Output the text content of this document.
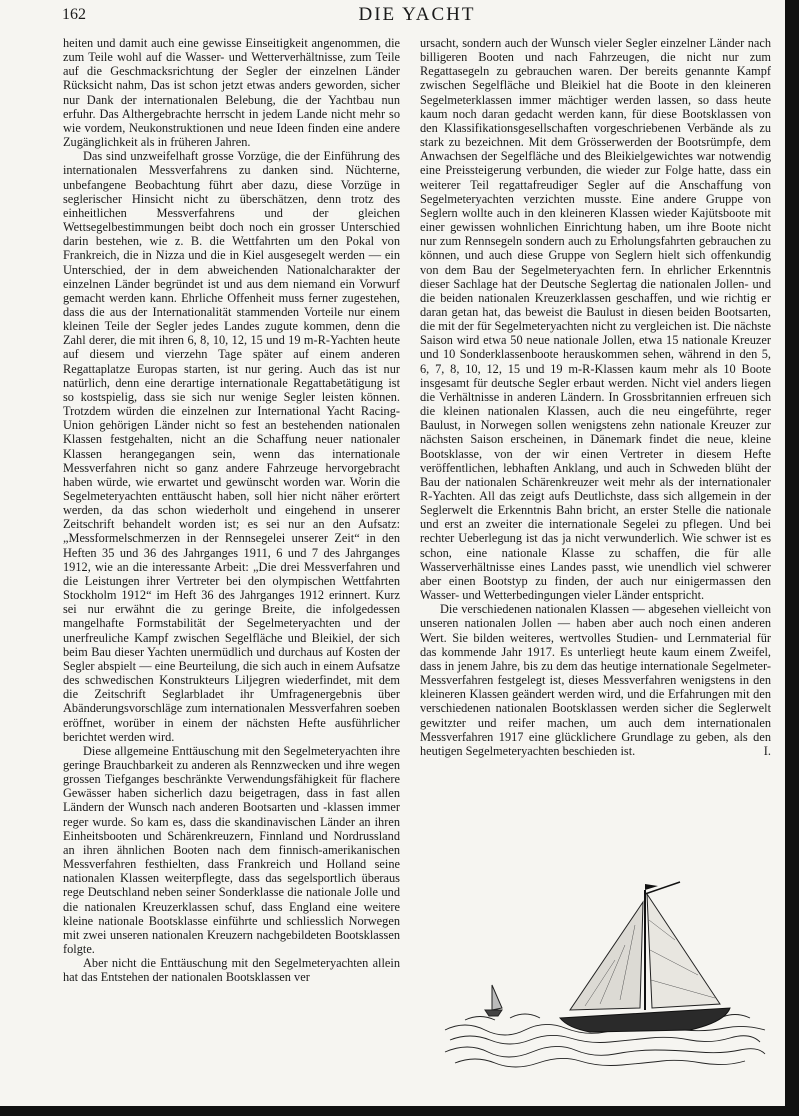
162	DIE YACHT

heiten und damit auch eine gewisse Einseitigkeit angenommen, die zum Teile wohl auf die Wasser- und Wetterverhältnisse, zum Teile auf die Geschmacksrichtung der Segler der einzelnen Länder Rücksicht nahm, Das ist schon jetzt etwas anders geworden, sicher nur Dank der internationalen Belebung, die der Yachtbau nun erfuhr. Das Althergebrachte herrscht in jedem Lande nicht mehr so wie vordem, Neukonstruktionen und neue Ideen finden eine andere Zugänglichkeit als in früheren Jahren.

Das sind unzweifelhaft grosse Vorzüge, die der Einführung des internationalen Messverfahrens zu danken sind. Nüchterne, unbefangene Beobachtung führt aber dazu, diese Vorzüge in seglerischer Hinsicht nicht zu überschätzen, denn trotz des einheitlichen Messverfahrens und der gleichen Wettsegelbestimmungen beibt doch noch ein grosser Unterschied darin bestehen, wie z. B. die Wettfahrten um den Pokal von Frankreich, die in Nizza und die in Kiel ausgesegelt werden — ein Unterschied, der in dem abweichenden Nationalcharakter der einzelnen Länder begründet ist und aus dem niemand ein Vorwurf gemacht werden kann. Ehrliche Offenheit muss ferner zugestehen, dass die aus der Internationalität stammenden Vorteile nur einem kleinen Teile der Segler jedes Landes zugute kommen, denn die Zahl derer, die mit ihren 6, 8, 10, 12, 15 und 19 m-R-Yachten heute auf diesem und vierzehn Tage später auf einem anderen Regattaplatze Europas starten, ist nur gering. Auch das ist nur natürlich, denn eine derartige internationale Regattabetätigung ist so kostspielig, dass sie sich nur wenige Segler leisten können. Trotzdem würden die einzelnen zur International Yacht Racing-Union gehörigen Länder nicht so fest an bestehenden nationalen Klassen festgehalten, nicht an die Schaffung neuer nationaler Klassen herangegangen sein, wenn das internationale Messverfahren nicht so ganz andere Fahrzeuge hervorgebracht haben würde, wie erwartet und gewünscht worden war. Worin die Segelmeteryachten enttäuscht haben, soll hier nicht näher erörtert werden, da das schon wiederholt und eingehend in unserer Zeitschrift behandelt worden ist; es sei nur an den Aufsatz: „Messformelschmerzen in der Rennsegelei unserer Zeit“ in den Heften 35 und 36 des Jahrganges 1911, 6 und 7 des Jahrganges 1912, wie an die interessante Arbeit: „Die drei Messverfahren und die Leistungen ihrer Vertreter bei den olympischen Wettfahrten Stockholm 1912“ im Heft 36 des Jahrganges 1912 erinnert. Kurz sei nur erwähnt die zu geringe Breite, die infolgedessen mangelhafte Formstabilität der Segelmeteryachten und der unerfreuliche Kampf zwischen Segelfläche und Bleikiel, der sich beim Bau dieser Yachten unermüdlich und durchaus auf Kosten der Segler abspielt — eine Beurteilung, die sich auch in einem Aufsatze des schwedischen Konstrukteurs Liljegren wiederfindet, mit dem die Zeitschrift Seglarbladet ihr Umfragenergebnis über Abänderungsvorschläge zum internationalen Messverfahren soeben eröffnet, worüber in einem der nächsten Hefte ausführlicher berichtet werden wird.

Diese allgemeine Enttäuschung mit den Segelmeteryachten ihre geringe Brauchbarkeit zu anderen als Rennzwecken und ihre wegen grossen Tiefganges beschränkte Verwendungsfähigkeit für flachere Gewässer haben sicherlich dazu beigetragen, dass in fast allen Ländern der Wunsch nach anderen Bootsarten und -klassen immer reger wurde. So kam es, dass die skandinavischen Länder an ihren Einheitsbooten und Schärenkreuzern, Finnland und Nordrussland an ihren ähnlichen Booten nach dem finnisch-amerikanischen Messverfahren festhielten, dass Frankreich und Holland seine nationalen Klassen weiterpflegte, dass das segelsportlich überaus rege Deutschland neben seiner Sonderklasse die nationale Jolle und die nationalen Kreuzerklassen schuf, dass England eine weitere kleine nationale Bootsklasse einführte und schliesslich Norwegen mit zwei unseren nationalen Kreuzern nachgebildeten Bootsklassen folgte.

Aber nicht die Enttäuschung mit den Segelmeteryachten allein hat das Entstehen der nationalen Bootsklassen ver

ursacht, sondern auch der Wunsch vieler Segler einzelner Länder nach billigeren Booten und nach Fahrzeugen, die nicht nur zum Regattasegeln zu gebrauchen waren. Der bereits genannte Kampf zwischen Segelfläche und Bleikiel hat die Boote in den kleineren Segelmeterklassen immer mächtiger werden lassen, so dass heute kaum noch daran gedacht werden kann, für diese Bootsklassen von den Klassifikationsgesellschaften vorgeschriebenen Verbände als zu stark zu bezeichnen. Mit dem Grösserwerden der Bootsrümpfe, dem Anwachsen der Segelfläche und des Bleikielgewichtes war notwendig eine Preissteigerung verbunden, die wieder zur Folge hatte, dass ein weiterer Teil regattafreudiger Segler auf die Anschaffung von Segelmeteryachten verzichten musste. Eine andere Gruppe von Seglern wollte auch in den kleineren Klassen wieder Kajütsboote mit einer gewissen wohnlichen Einrichtung haben, um ihre Boote nicht nur zum Rennsegeln sondern auch zu Erholungsfahrten gebrauchen zu können, und auch diese Gruppe von Seglern hielt sich offenkundig von dem Bau der Segelmeteryachten fern. In ehrlicher Erkenntnis dieser Sachlage hat der Deutsche Seglertag die nationalen Jollen- und die beiden nationalen Kreuzerklassen geschaffen, und wie richtig er daran getan hat, das beweist die Baulust in diesen beiden Bootsarten, die mit der für Segelmeteryachten nicht zu vergleichen ist. Die nächste Saison wird etwa 50 neue nationale Jollen, etwa 15 nationale Kreuzer und 10 Sonderklassenboote herauskommen sehen, während in den 5, 6, 7, 8, 10, 12, 15 und 19 m-R-Klassen kaum mehr als 10 Boote insgesamt für deutsche Segler erbaut werden. Nicht viel anders liegen die Verhältnisse in anderen Ländern. In Grossbritannien erfreuen sich die kleinen nationalen Klassen, auch die neu eingeführte, reger Baulust, in Norwegen sollen wenigstens zehn nationale Kreuzer zur nächsten Saison erscheinen, in Dänemark findet die neue, kleine Bootsklasse, von der wir einen Vertreter in diesem Hefte veröffentlichen, lebhaften Anklang, und auch in Schweden blüht der Bau der nationalen Schärenkreuzer weit mehr als der internationaler R-Yachten. All das zeigt aufs Deutlichste, dass sich allgemein in der Seglerwelt die Erkenntnis Bahn bricht, an erster Stelle die nationale und erst an zweiter die internationale Segelei zu pflegen. Und bei rechter Ueberlegung ist das ja nicht verwunderlich. Wie schwer ist es schon, eine nationale Klasse zu schaffen, die für alle Wasserverhältnisse eines Landes passt, wie unendlich viel schwerer aber einen Bootstyp zu finden, der auch nur einigermassen den Wasser- und Wetterbedingungen vieler Länder entspricht.

Die verschiedenen nationalen Klassen — abgesehen vielleicht von unseren nationalen Jollen — haben aber auch noch einen anderen Wert. Sie bilden weiteres, wertvolles Studien- und Lernmaterial für das kommende Jahr 1917. Es unterliegt heute kaum einem Zweifel, dass in jenem Jahre, bis zu dem das heutige internationale Segelmeter-Messverfahren festgelegt ist, dieses Messverfahren wenigstens in den kleineren Klassen geändert werden wird, und die Erfahrungen mit den verschiedenen nationalen Bootsklassen werden sicher die Seglerwelt gewitzter und reifer machen, um auch dem internationalen Messverfahren 1917 eine glücklichere Grundlage zu geben, als den heutigen Segelmeteryachten beschieden ist.	I.
